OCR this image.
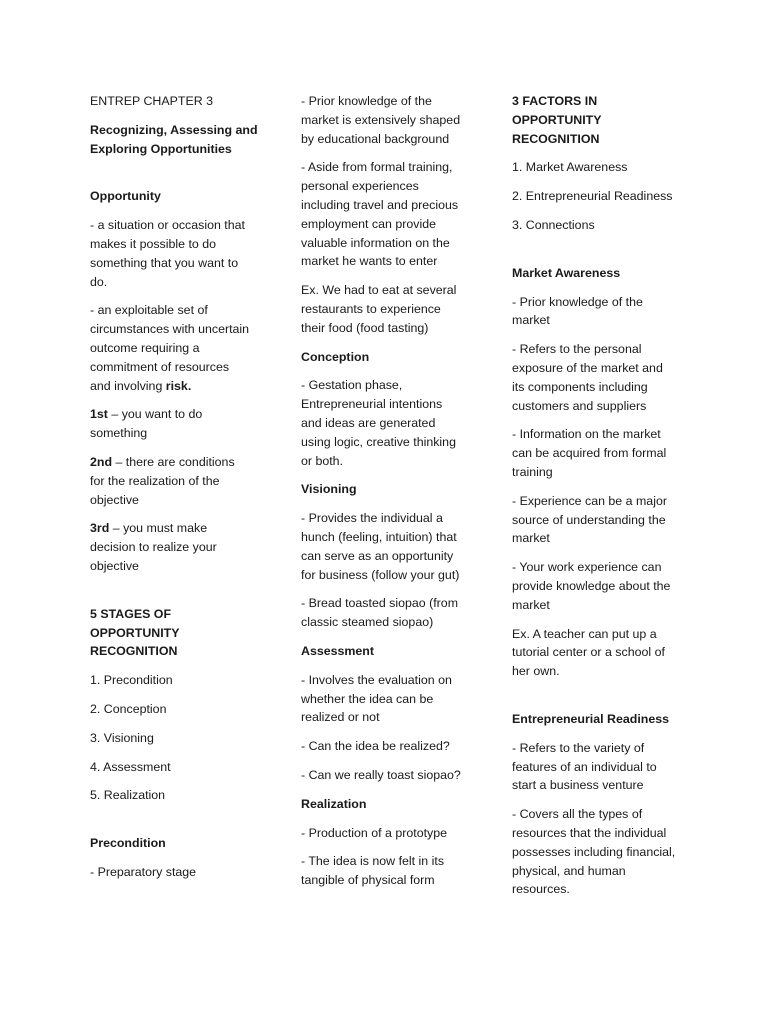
ENTREP CHAPTER 3
Recognizing, Assessing and
Exploring Opportunities
Opportunity
- a situation or occasion that
makes it possible to do
something that you want to
do.
- an exploitable set of
circumstances with uncertain
outcome requiring a
commitment of resources
and involving risk.
1st – you want to do
something
2nd – there are conditions
for the realization of the
objective
3rd – you must make
decision to realize your
objective
5 STAGES OF OPPORTUNITY
RECOGNITION
1. Precondition
2. Conception
3. Visioning
4. Assessment
5. Realization
Precondition
- Preparatory stage
- Prior knowledge of the
market is extensively shaped
by educational background
- Aside from formal training,
personal experiences
including travel and precious
employment can provide
valuable information on the
market he wants to enter
Ex. We had to eat at several
restaurants to experience
their food (food tasting)
Conception
- Gestation phase,
Entrepreneurial intentions
and ideas are generated
using logic, creative thinking
or both.
Visioning
- Provides the individual a
hunch (feeling, intuition) that
can serve as an opportunity
for business (follow your gut)
- Bread toasted siopao (from
classic steamed siopao)
Assessment
- Involves the evaluation on
whether the idea can be
realized or not
- Can the idea be realized?
- Can we really toast siopao?
Realization
- Production of a prototype
- The idea is now felt in its
tangible of physical form
3 FACTORS IN OPPORTUNITY
RECOGNITION
1. Market Awareness
2. Entrepreneurial Readiness
3. Connections
Market Awareness
- Prior knowledge of the
market
- Refers to the personal
exposure of the market and
its components including
customers and suppliers
- Information on the market
can be acquired from formal
training
- Experience can be a major
source of understanding the
market
- Your work experience can
provide knowledge about the
market
Ex. A teacher can put up a
tutorial center or a school of
her own.
Entrepreneurial Readiness
- Refers to the variety of
features of an individual to
start a business venture
- Covers all the types of
resources that the individual
possesses including financial,
physical, and human
resources.
